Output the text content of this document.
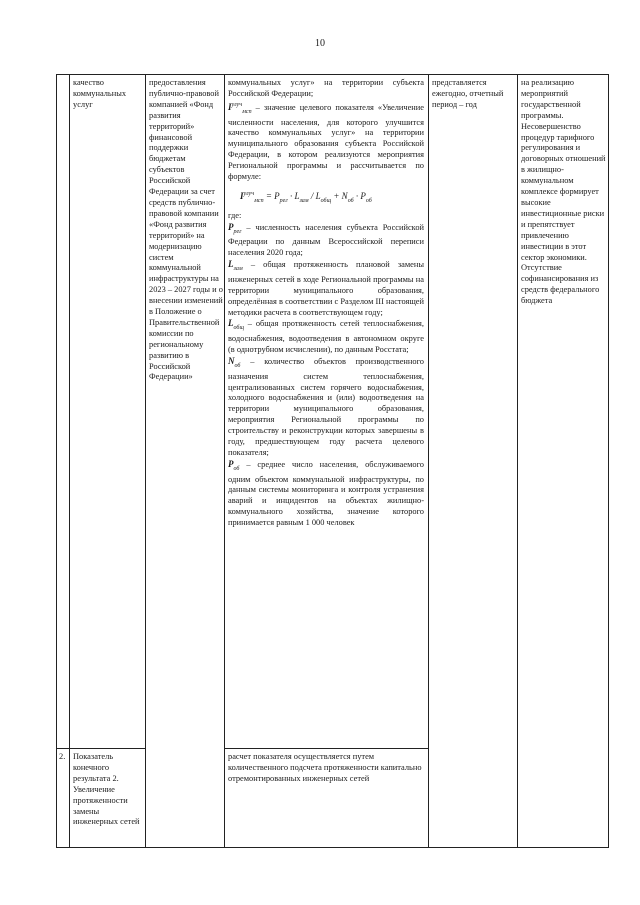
10
качество коммунальных услуг
предоставления публично-правовой компанией «Фонд развития территорий» финансовой поддержки бюджетам субъектов Российской Федерации за счет средств публично-правовой компании «Фонд развития территорий» на модернизацию систем коммунальной инфраструктуры на 2023 – 2027 годы и о внесении изменений в Положение о Правительственной комиссии по региональному развитию в Российской Федерации»

коммунальных услуг» на территории субъекта Российской Федерации;

$I^{улуч}_{мсп}$ – значение целевого показателя «Увеличение численности населения, для которого улучшится качество коммунальных услуг» на территории муниципального образования субъекта Российской Федерации, в котором реализуются мероприятия Региональной программы и рассчитывается по формуле:

$I^{улуч}_{мсп} = P_{рег} \cdot L_{зам} / L_{общ} + N_{об} \cdot P_{об}$

где:

$P_{рег}$ – численность населения субъекта Российской Федерации по данным Всероссийской переписи населения 2020 года;

$L_{зам}$ – общая протяженность плановой замены инженерных сетей в ходе Региональной программы на территории муниципального образования, определённая в соответствии с Разделом III настоящей методики расчета в соответствующем году;

$L_{общ}$ – общая протяженность сетей теплоснабжения, водоснабжения, водоотведения в автономном округе (в однотрубном исчислении), по данным Росстата;

$N_{об}$ – количество объектов производственного назначения систем теплоснабжения, централизованных систем горячего водоснабжения, холодного водоснабжения и (или) водоотведения на территории муниципального образования, мероприятия Региональной программы по строительству и реконструкции которых завершены в году, предшествующем году расчета целевого показателя;

$P_{об}$ – среднее число населения, обслуживаемого одним объектом коммунальной инфраструктуры, по данным системы мониторинга и контроля устранения аварий и инцидентов на объектах жилищно-коммунального хозяйства, значение которого принимается равным 1 000 человек

представляется ежегодно, отчетный период – год
на реализацию мероприятий государственной программы. Несовершенство процедур тарифного регулирования и договорных отношений в жилищно-коммунальном комплексе формирует высокие инвестиционные риски и препятствует привлечению инвестиции в этот сектор экономики. Отсутствие софинансирования из средств федерального бюджета
2. Показатель конечного результата 2. Увеличение протяженности замены инженерных сетей
расчет показателя осуществляется путем количественного подсчета протяженности капитально отремонтированных инженерных сетей
